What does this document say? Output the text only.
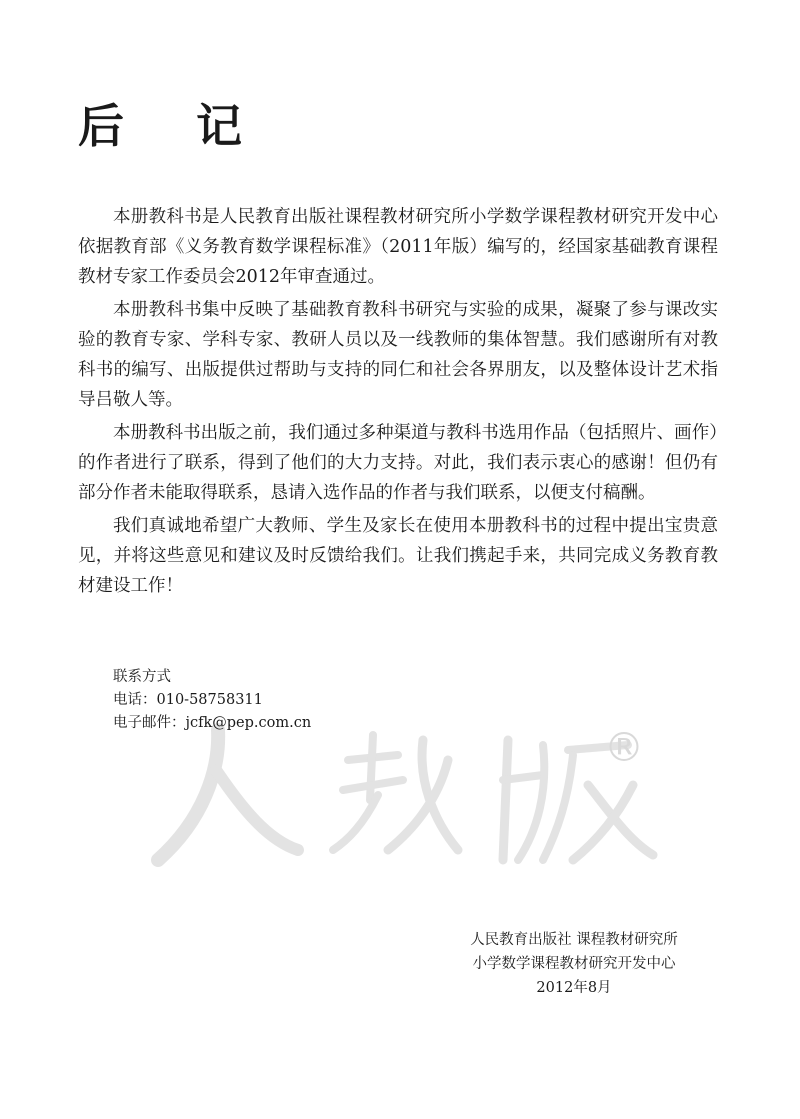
后 记

本册教科书是人民教育出版社课程教材研究所小学数学课程教材研究开发中心依据教育部《义务教育数学课程标准》（2011年版）编写的，经国家基础教育课程教材专家工作委员会2012年审查通过。

本册教科书集中反映了基础教育教科书研究与实验的成果，凝聚了参与课改实验的教育专家、学科专家、教研人员以及一线教师的集体智慧。我们感谢所有对教科书的编写、出版提供过帮助与支持的同仁和社会各界朋友，以及整体设计艺术指导吕敬人等。

本册教科书出版之前，我们通过多种渠道与教科书选用作品（包括照片、画作）的作者进行了联系，得到了他们的大力支持。对此，我们表示衷心的感谢！但仍有部分作者未能取得联系，恳请入选作品的作者与我们联系，以便支付稿酬。

我们真诚地希望广大教师、学生及家长在使用本册教科书的过程中提出宝贵意见，并将这些意见和建议及时反馈给我们。让我们携起手来，共同完成义务教育教材建设工作！

联系方式
电话：010-58758311
电子邮件：jcfk@pep.com.cn
®
人民教育出版社 课程教材研究所
小学数学课程教材研究开发中心
2012年8月
